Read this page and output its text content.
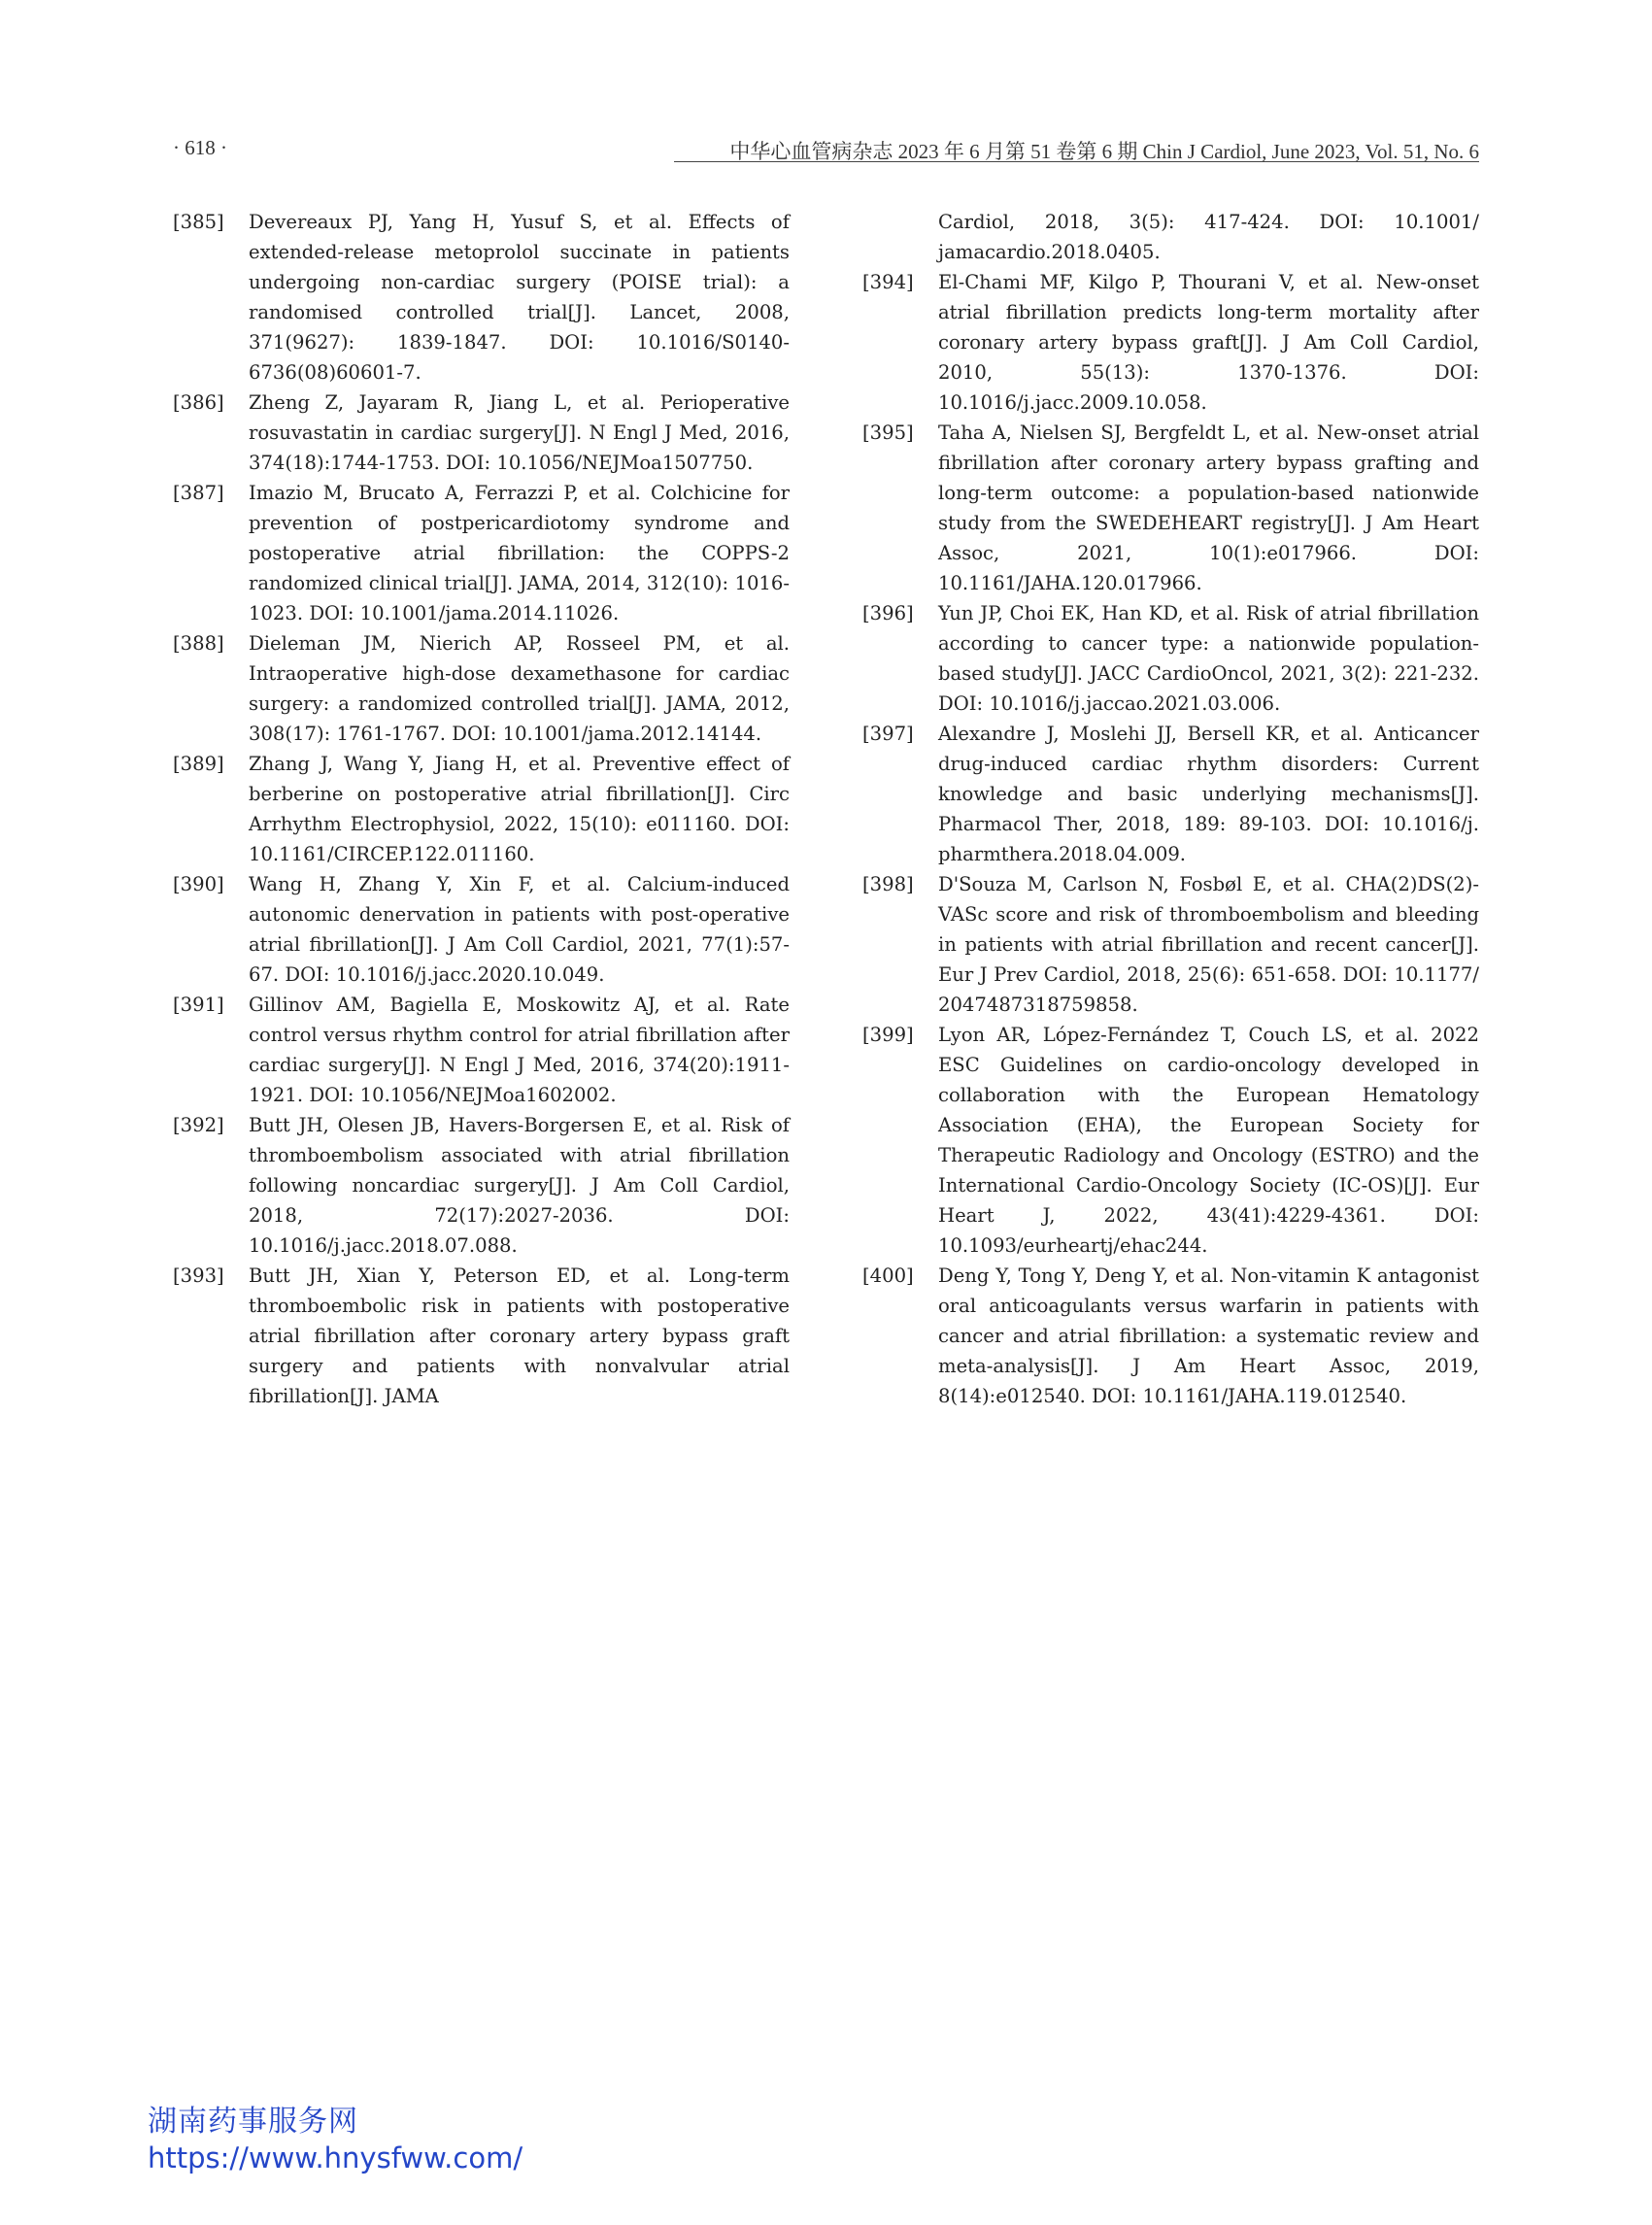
· 618 ·	中华心血管病杂志 2023 年 6 月第 51 卷第 6 期 Chin J Cardiol, June 2023, Vol. 51, No. 6
[385]	Devereaux PJ, Yang H, Yusuf S, et al. Effects of extended-release metoprolol succinate in patients undergoing non-cardiac surgery (POISE trial): a randomised controlled trial[J]. Lancet, 2008, 371(9627): 1839-1847. DOI: 10.1016/S0140-6736(08)60601-7.
[386]	Zheng Z, Jayaram R, Jiang L, et al. Perioperative rosuvastatin in cardiac surgery[J]. N Engl J Med, 2016, 374(18):1744-1753. DOI: 10.1056/NEJMoa1507750.
[387]	Imazio M, Brucato A, Ferrazzi P, et al. Colchicine for prevention of postpericardiotomy syndrome and postoperative atrial fibrillation: the COPPS-2 randomized clinical trial[J]. JAMA, 2014, 312(10): 1016-1023. DOI: 10.1001/jama.2014.11026.
[388]	Dieleman JM, Nierich AP, Rosseel PM, et al. Intraoperative high-dose dexamethasone for cardiac surgery: a randomized controlled trial[J]. JAMA, 2012, 308(17): 1761-1767. DOI: 10.1001/jama.2012.14144.
[389]	Zhang J, Wang Y, Jiang H, et al. Preventive effect of berberine on postoperative atrial fibrillation[J]. Circ Arrhythm Electrophysiol, 2022, 15(10): e011160. DOI: 10.1161/CIRCEP.122.011160.
[390]	Wang H, Zhang Y, Xin F, et al. Calcium-induced autonomic denervation in patients with post-operative atrial fibrillation[J]. J Am Coll Cardiol, 2021, 77(1):57-67. DOI: 10.1016/j.jacc.2020.10.049.
[391]	Gillinov AM, Bagiella E, Moskowitz AJ, et al. Rate control versus rhythm control for atrial fibrillation after cardiac surgery[J]. N Engl J Med, 2016, 374(20):1911-1921. DOI: 10.1056/NEJMoa1602002.
[392]	Butt JH, Olesen JB, Havers-Borgersen E, et al. Risk of thromboembolism associated with atrial fibrillation following noncardiac surgery[J]. J Am Coll Cardiol, 2018, 72(17):2027-2036. DOI: 10.1016/j.jacc.2018.07.088.
[393]	Butt JH, Xian Y, Peterson ED, et al. Long-term thromboembolic risk in patients with postoperative atrial fibrillation after coronary artery bypass graft surgery and patients with nonvalvular atrial fibrillation[J]. JAMA
Cardiol, 2018, 3(5): 417-424. DOI: 10.1001/ jamacardio.2018.0405.
[394]	El-Chami MF, Kilgo P, Thourani V, et al. New-onset atrial fibrillation predicts long-term mortality after coronary artery bypass graft[J]. J Am Coll Cardiol, 2010, 55(13): 1370-1376. DOI: 10.1016/j.jacc.2009.10.058.
[395]	Taha A, Nielsen SJ, Bergfeldt L, et al. New-onset atrial fibrillation after coronary artery bypass grafting and long-term outcome: a population-based nationwide study from the SWEDEHEART registry[J]. J Am Heart Assoc, 2021, 10(1):e017966. DOI: 10.1161/JAHA.120.017966.
[396]	Yun JP, Choi EK, Han KD, et al. Risk of atrial fibrillation according to cancer type: a nationwide population-based study[J]. JACC CardioOncol, 2021, 3(2): 221-232. DOI: 10.1016/j.jaccao.2021.03.006.
[397]	Alexandre J, Moslehi JJ, Bersell KR, et al. Anticancer drug-induced cardiac rhythm disorders: Current knowledge and basic underlying mechanisms[J]. Pharmacol Ther, 2018, 189: 89-103. DOI: 10.1016/j. pharmthera.2018.04.009.
[398]	D'Souza M, Carlson N, Fosbøl E, et al. CHA(2)DS(2)-VASc score and risk of thromboembolism and bleeding in patients with atrial fibrillation and recent cancer[J]. Eur J Prev Cardiol, 2018, 25(6): 651-658. DOI: 10.1177/ 2047487318759858.
[399]	Lyon AR, López-Fernández T, Couch LS, et al. 2022 ESC Guidelines on cardio-oncology developed in collaboration with the European Hematology Association (EHA), the European Society for Therapeutic Radiology and Oncology (ESTRO) and the International Cardio-Oncology Society (IC-OS)[J]. Eur Heart J, 2022, 43(41):4229-4361. DOI: 10.1093/eurheartj/ehac244.
[400]	Deng Y, Tong Y, Deng Y, et al. Non-vitamin K antagonist oral anticoagulants versus warfarin in patients with cancer and atrial fibrillation: a systematic review and meta-analysis[J]. J Am Heart Assoc, 2019, 8(14):e012540. DOI: 10.1161/JAHA.119.012540.
湖南药事服务网
https://www.hnysfww.com/
